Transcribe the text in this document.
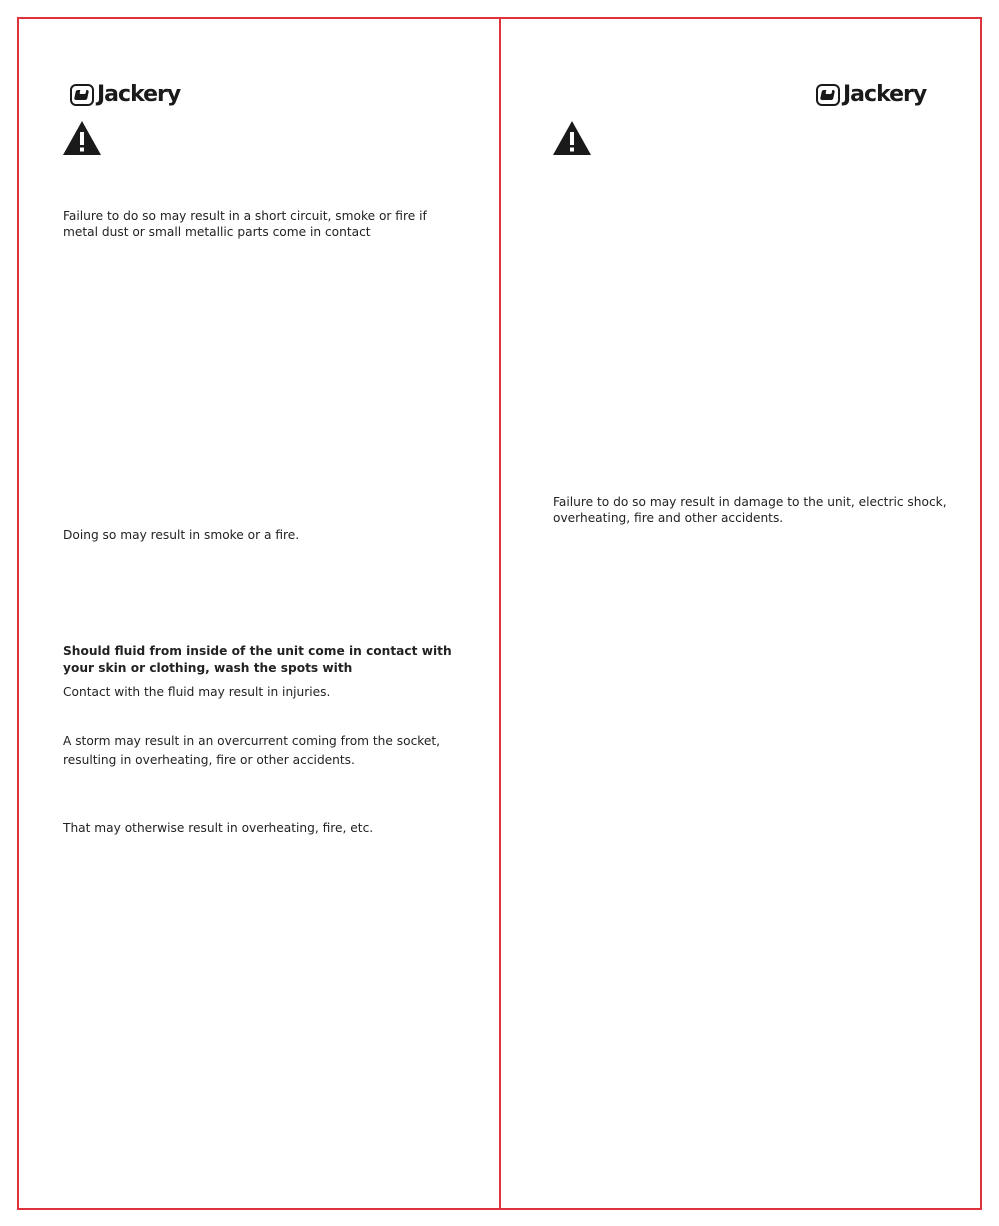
Jackery
Failure to do so may result in a short circuit, smoke or fire if
metal dust or small metallic parts come in contact
Doing so may result in smoke or a fire.
Should fluid from inside of the unit come in contact with
your skin or clothing, wash the spots with
Contact with the fluid may result in injuries.
A storm may result in an overcurrent coming from the socket,
resulting in overheating, fire or other accidents.
That may otherwise result in overheating, fire, etc.
Jackery
Failure to do so may result in damage to the unit, electric shock,
overheating, fire and other accidents.
